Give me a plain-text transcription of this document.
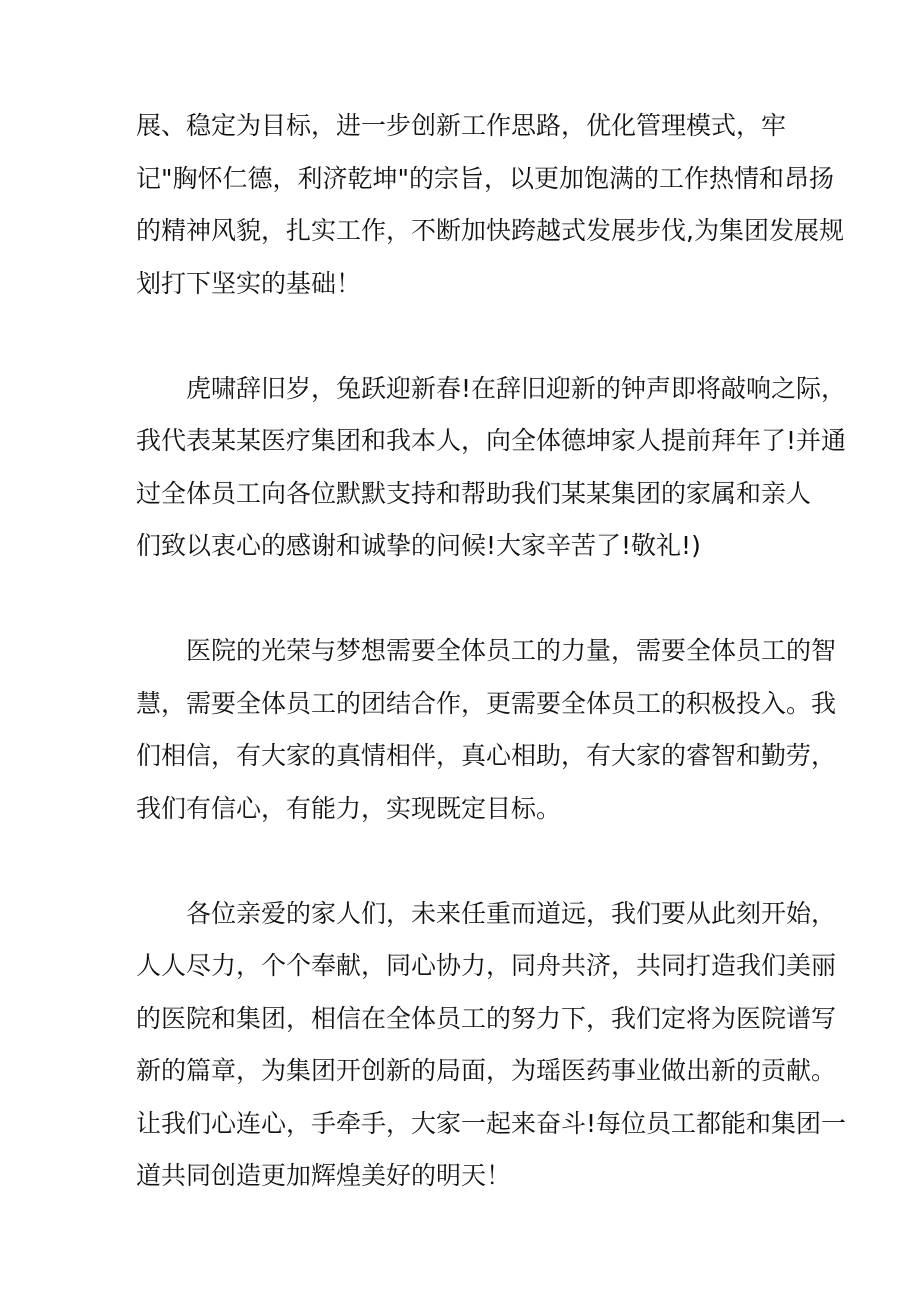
展、稳定为目标，进一步创新工作思路，优化管理模式，牢
记"胸怀仁德，利济乾坤"的宗旨，以更加饱满的工作热情和昂扬
的精神风貌，扎实工作，不断加快跨越式发展步伐,为集团发展规
划打下坚实的基础！
虎啸辞旧岁，兔跃迎新春!在辞旧迎新的钟声即将敲响之际，
我代表某某医疗集团和我本人，向全体德坤家人提前拜年了!并通
过全体员工向各位默默支持和帮助我们某某集团的家属和亲人
们致以衷心的感谢和诚挚的问候!大家辛苦了!敬礼!)
医院的光荣与梦想需要全体员工的力量，需要全体员工的智
慧，需要全体员工的团结合作，更需要全体员工的积极投入。我
们相信，有大家的真情相伴，真心相助，有大家的睿智和勤劳，
我们有信心，有能力，实现既定目标。
各位亲爱的家人们，未来任重而道远，我们要从此刻开始，
人人尽力，个个奉献，同心协力，同舟共济，共同打造我们美丽
的医院和集团，相信在全体员工的努力下，我们定将为医院谱写
新的篇章，为集团开创新的局面，为瑶医药事业做出新的贡献。
让我们心连心，手牵手，大家一起来奋斗!每位员工都能和集团一
道共同创造更加辉煌美好的明天！
